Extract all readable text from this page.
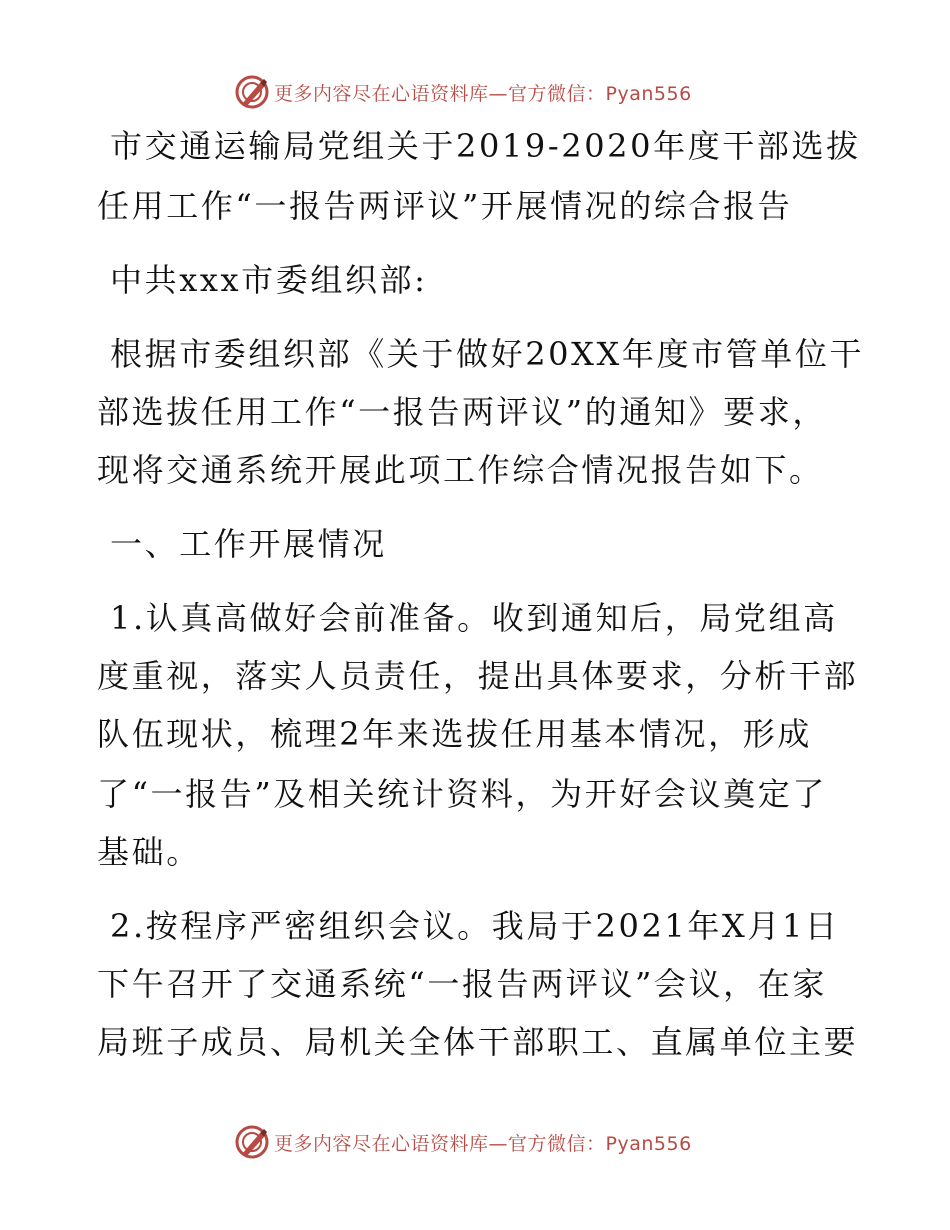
更多内容尽在心语资料库—官方微信：Pyan556
市交通运输局党组关于2019-2020年度干部选拔
任用工作“一报告两评议”开展情况的综合报告
中共xxx市委组织部:
根据市委组织部《关于做好20XX年度市管单位干
部选拔任用工作“一报告两评议”的通知》要求，
现将交通系统开展此项工作综合情况报告如下。
一、工作开展情况
1.认真高做好会前准备。收到通知后，局党组高
度重视，落实人员责任，提出具体要求，分析干部
队伍现状，梳理2年来选拔任用基本情况，形成
了“一报告”及相关统计资料，为开好会议奠定了
基础。
2.按程序严密组织会议。我局于2021年X月1日
下午召开了交通系统“一报告两评议”会议，在家
局班子成员、局机关全体干部职工、直属单位主要
更多内容尽在心语资料库—官方微信：Pyan556
